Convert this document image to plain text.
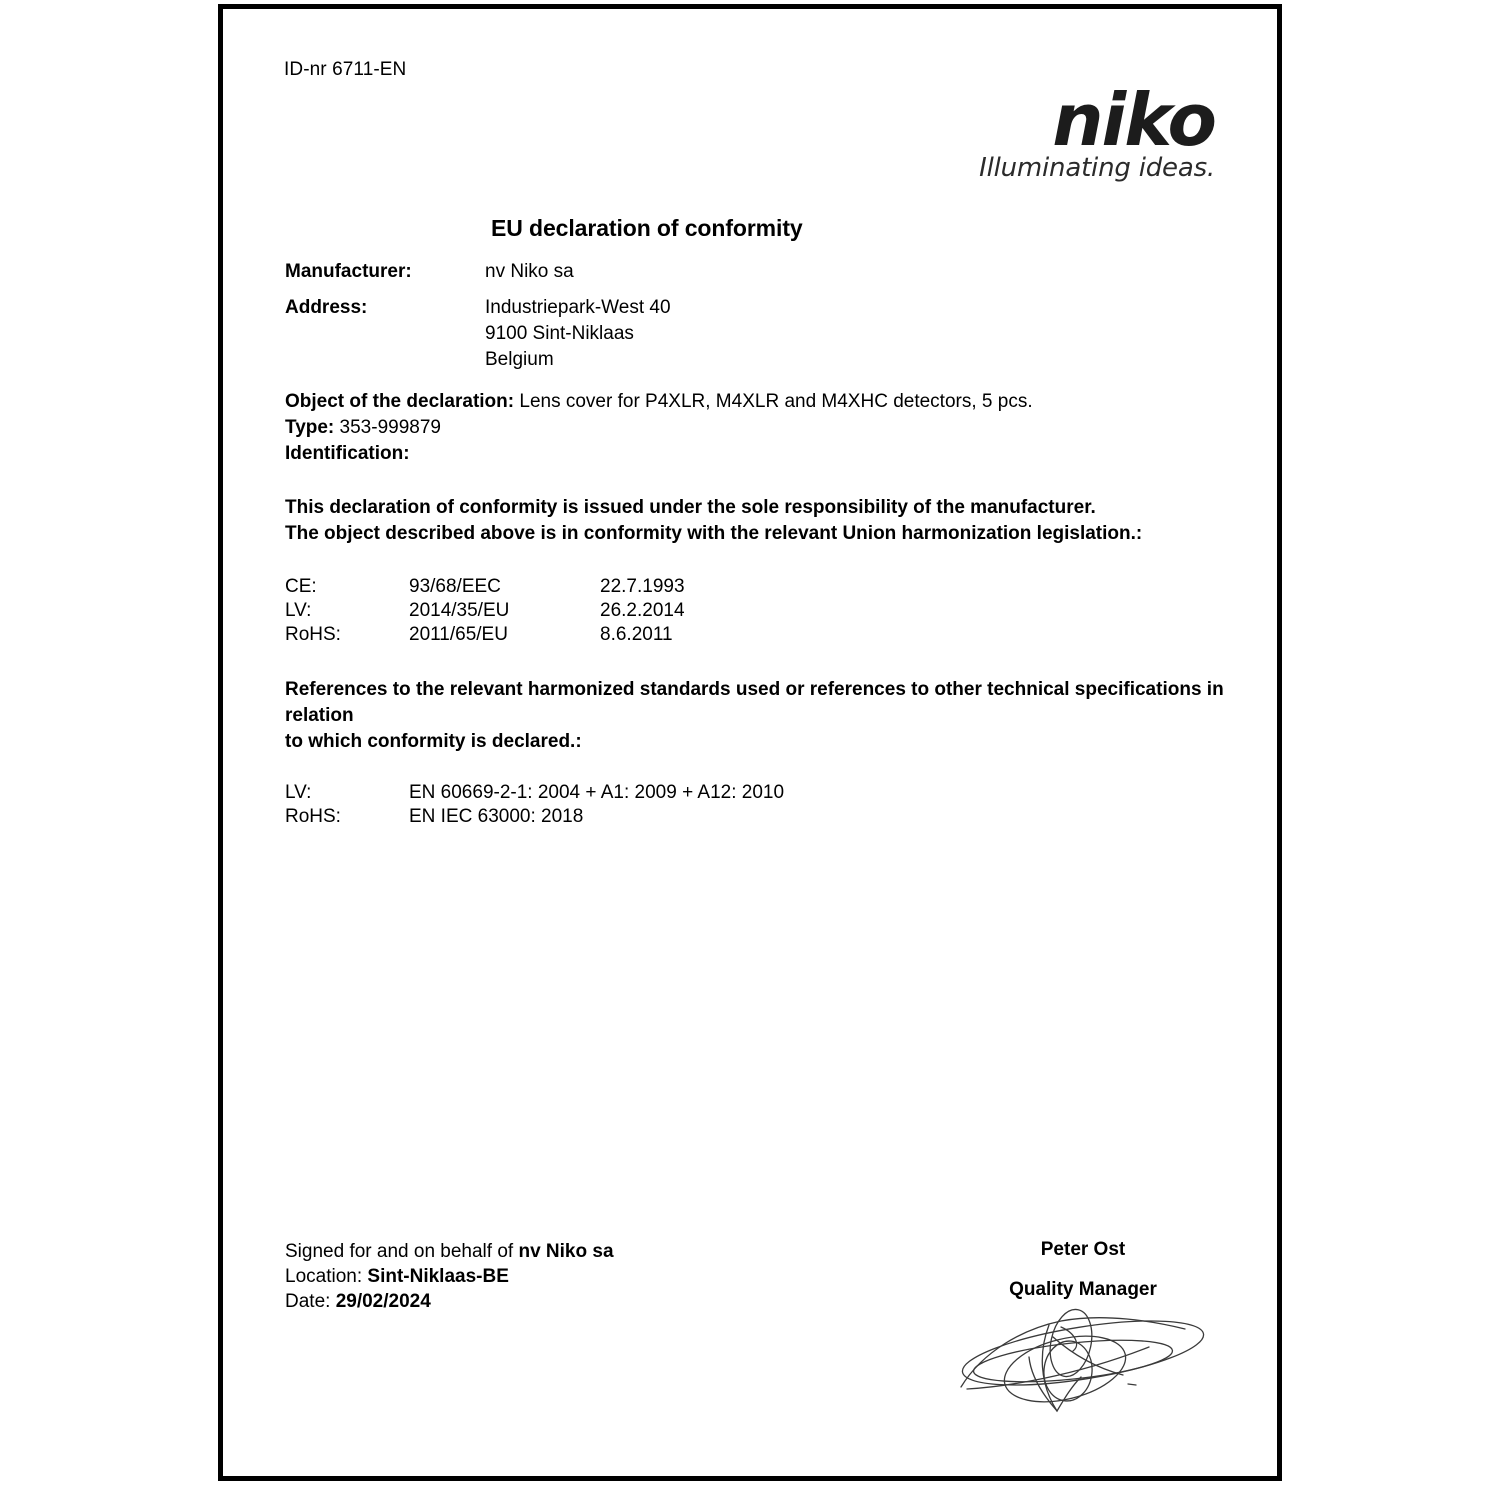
ID-nr 6711-EN
niko
Illuminating ideas.
EU declaration of conformity
Manufacturer:	nv Niko sa
Address:	Industriepark-West 40
9100 Sint-Niklaas
Belgium
Object of the declaration: Lens cover for P4XLR, M4XLR and M4XHC detectors, 5 pcs.
Type: 353-999879
Identification:
This declaration of conformity is issued under the sole responsibility of the manufacturer.
The object described above is in conformity with the relevant Union harmonization legislation.:
CE:	93/68/EEC	22.7.1993
LV:	2014/35/EU	26.2.2014
RoHS:	2011/65/EU	8.6.2011
References to the relevant harmonized standards used or references to other technical specifications in relation
to which conformity is declared.:
LV:	EN 60669-2-1: 2004 + A1: 2009 + A12: 2010
RoHS:	EN IEC 63000: 2018
Signed for and on behalf of nv Niko sa
Location: Sint-Niklaas-BE
Date: 29/02/2024
Peter Ost
Quality Manager
